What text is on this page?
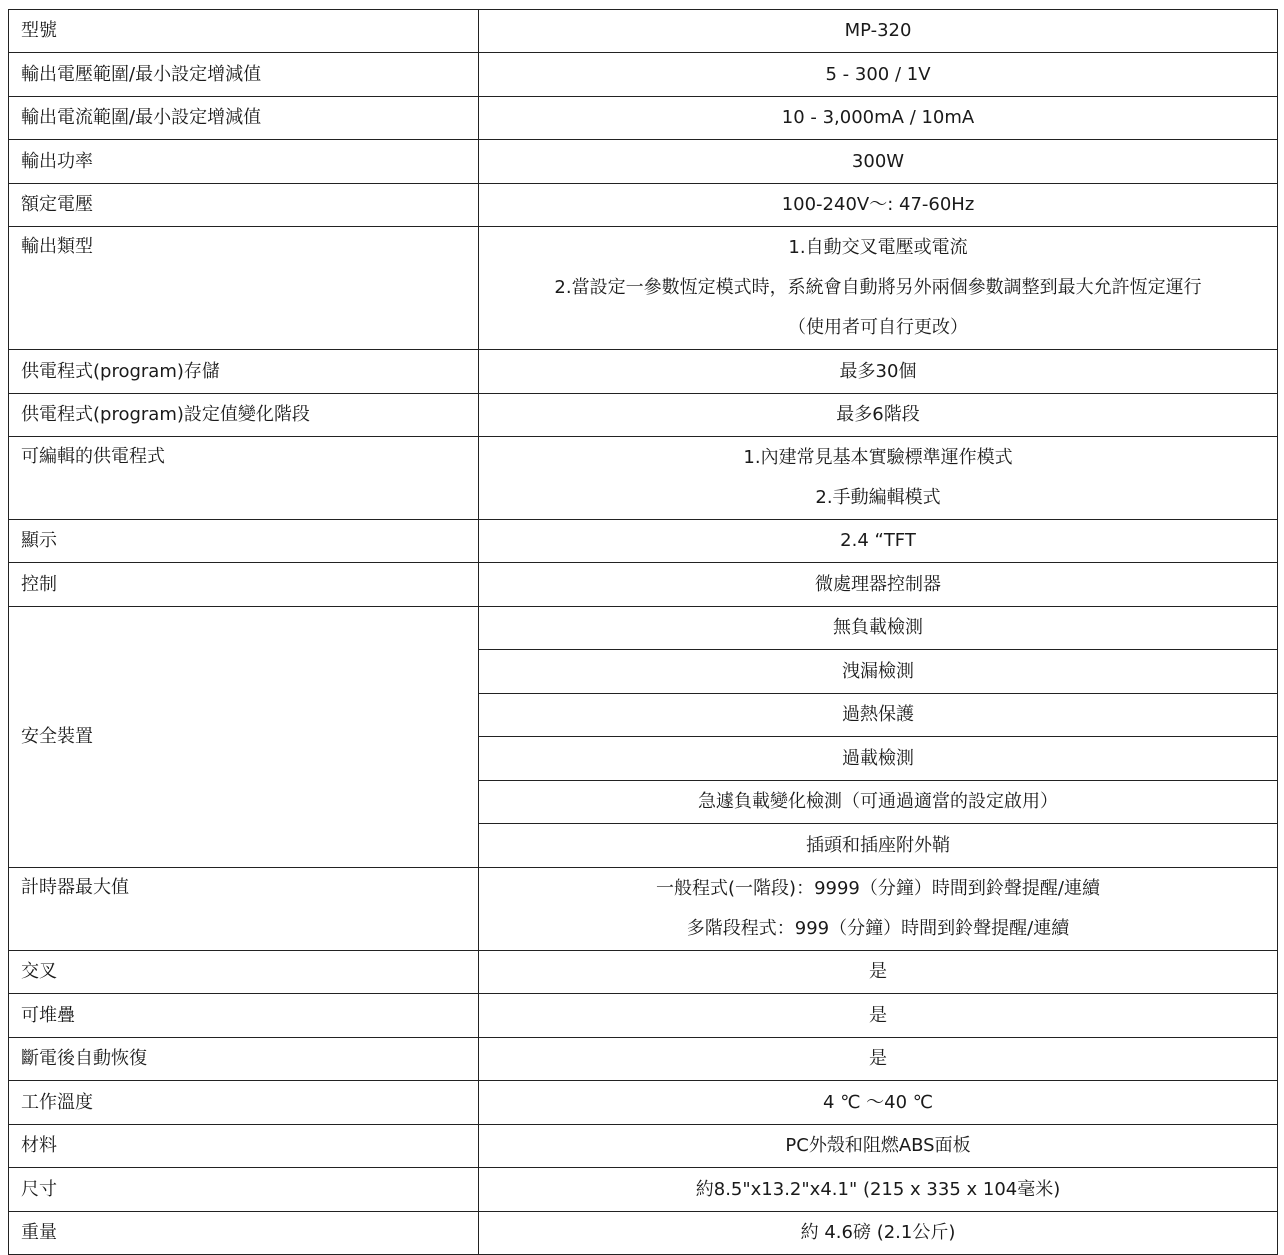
型號	MP-320

輸出電壓範圍/最小設定增減值	5 - 300 / 1V

輸出電流範圍/最小設定增減值	10 - 3,000mA / 10mA

輸出功率	300W

額定電壓	100-240V～: 47-60Hz

輸出類型	1.自動交叉電壓或電流
2.當設定一參數恆定模式時，系統會自動將另外兩個參數調整到最大允許恆定運行
（使用者可自行更改）

供電程式(program)存儲	最多30個

供電程式(program)設定值變化階段	最多6階段

可編輯的供電程式	1.內建常見基本實驗標準運作模式
2.手動編輯模式

顯示	2.4 “TFT

控制	微處理器控制器

安全裝置	無負載檢測
	洩漏檢測
	過熱保護
	過載檢測
	急遽負載變化檢測（可通過適當的設定啟用）
	插頭和插座附外鞘
計時器最大值	一般程式(一階段)：9999（分鐘）時間到鈴聲提醒/連續
多階段程式：999（分鐘）時間到鈴聲提醒/連續

交叉	是

可堆疊	是

斷電後自動恢復	是

工作溫度	4 ℃ ～40 ℃

材料	PC外殼和阻燃ABS面板

尺寸	約8.5"x13.2"x4.1" (215 x 335 x 104毫米)

重量	約 4.6磅 (2.1公斤)
